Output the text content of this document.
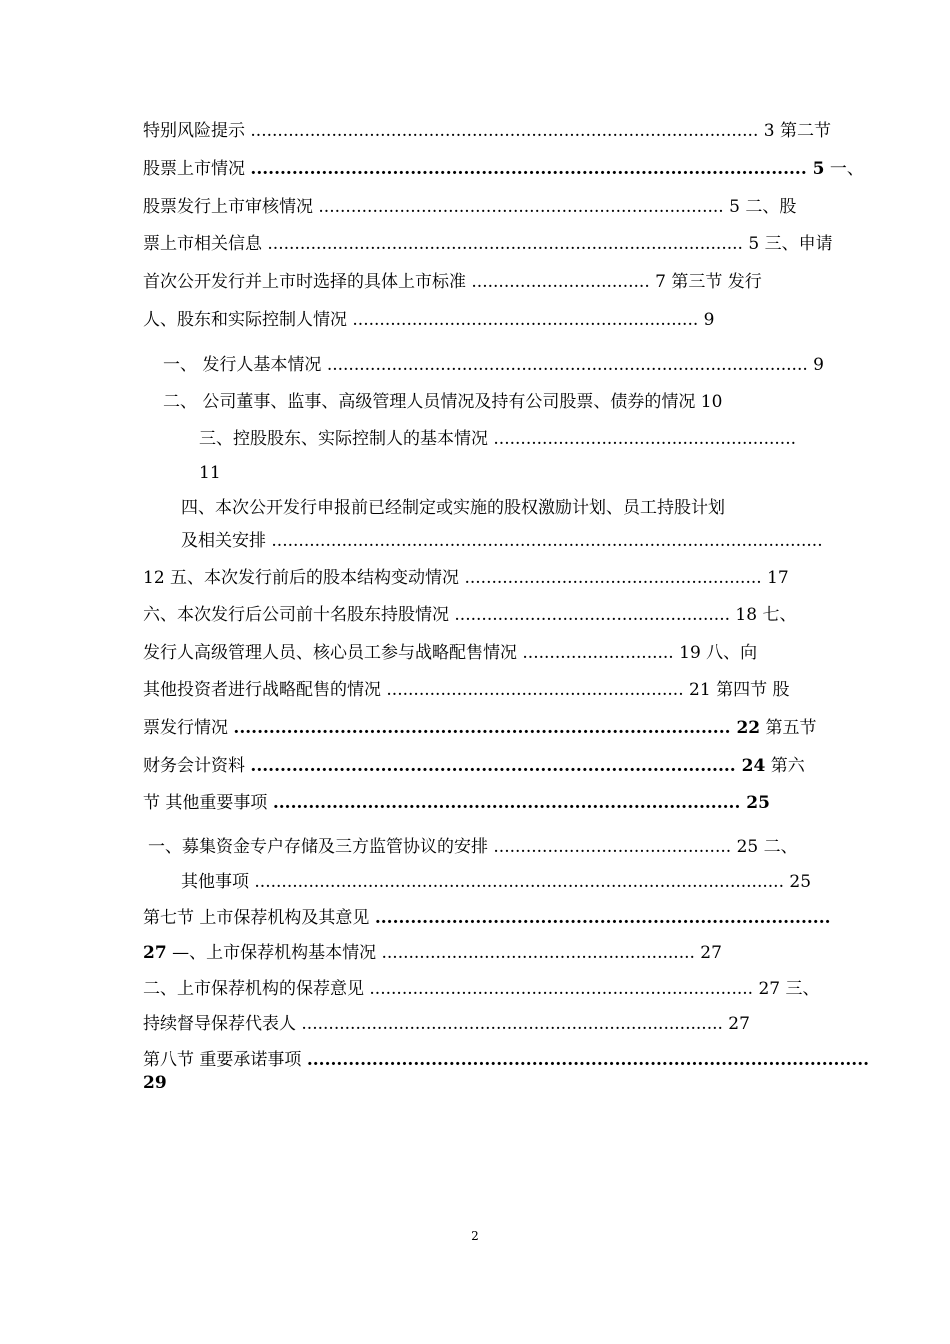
特别风险提示 .............................................................................................. 3 第二节
股票上市情况 .............................................................................................. 5 一、
股票发行上市审核情况 ........................................................................... 5 二、股
票上市相关信息 ........................................................................................ 5 三、申请
首次公开发行并上市时选择的具体上市标准 ................................. 7 第三节 发行
人、股东和实际控制人情况 ................................................................ 9
一、 发行人基本情况 ......................................................................................... 9
二、 公司董事、监事、高级管理人员情况及持有公司股票、债券的情况 10
三、控股股东、实际控制人的基本情况 ........................................................
11
四、本次公开发行申报前已经制定或实施的股权激励计划、员工持股计划
及相关安排 ......................................................................................................
12 五、本次发行前后的股本结构变动情况 ....................................................... 17
六、本次发行后公司前十名股东持股情况 ................................................... 18 七、
发行人高级管理人员、核心员工参与战略配售情况 ............................ 19 八、向
其他投资者进行战略配售的情况 ....................................................... 21 第四节 股
票发行情况 .................................................................................... 22 第五节
财务会计资料 .................................................................................. 24 第六
节 其他重要事项 ............................................................................... 25
一、募集资金专户存储及三方监管协议的安排 ............................................ 25 二、
其他事项 .................................................................................................. 25
第七节 上市保荐机构及其意见 .............................................................................
27 —、上市保荐机构基本情况 .......................................................... 27
二、上市保荐机构的保荐意见 ....................................................................... 27 三、
持续督导保荐代表人 .............................................................................. 27
第八节 重要承诺事项 ...............................................................................................
29
2
